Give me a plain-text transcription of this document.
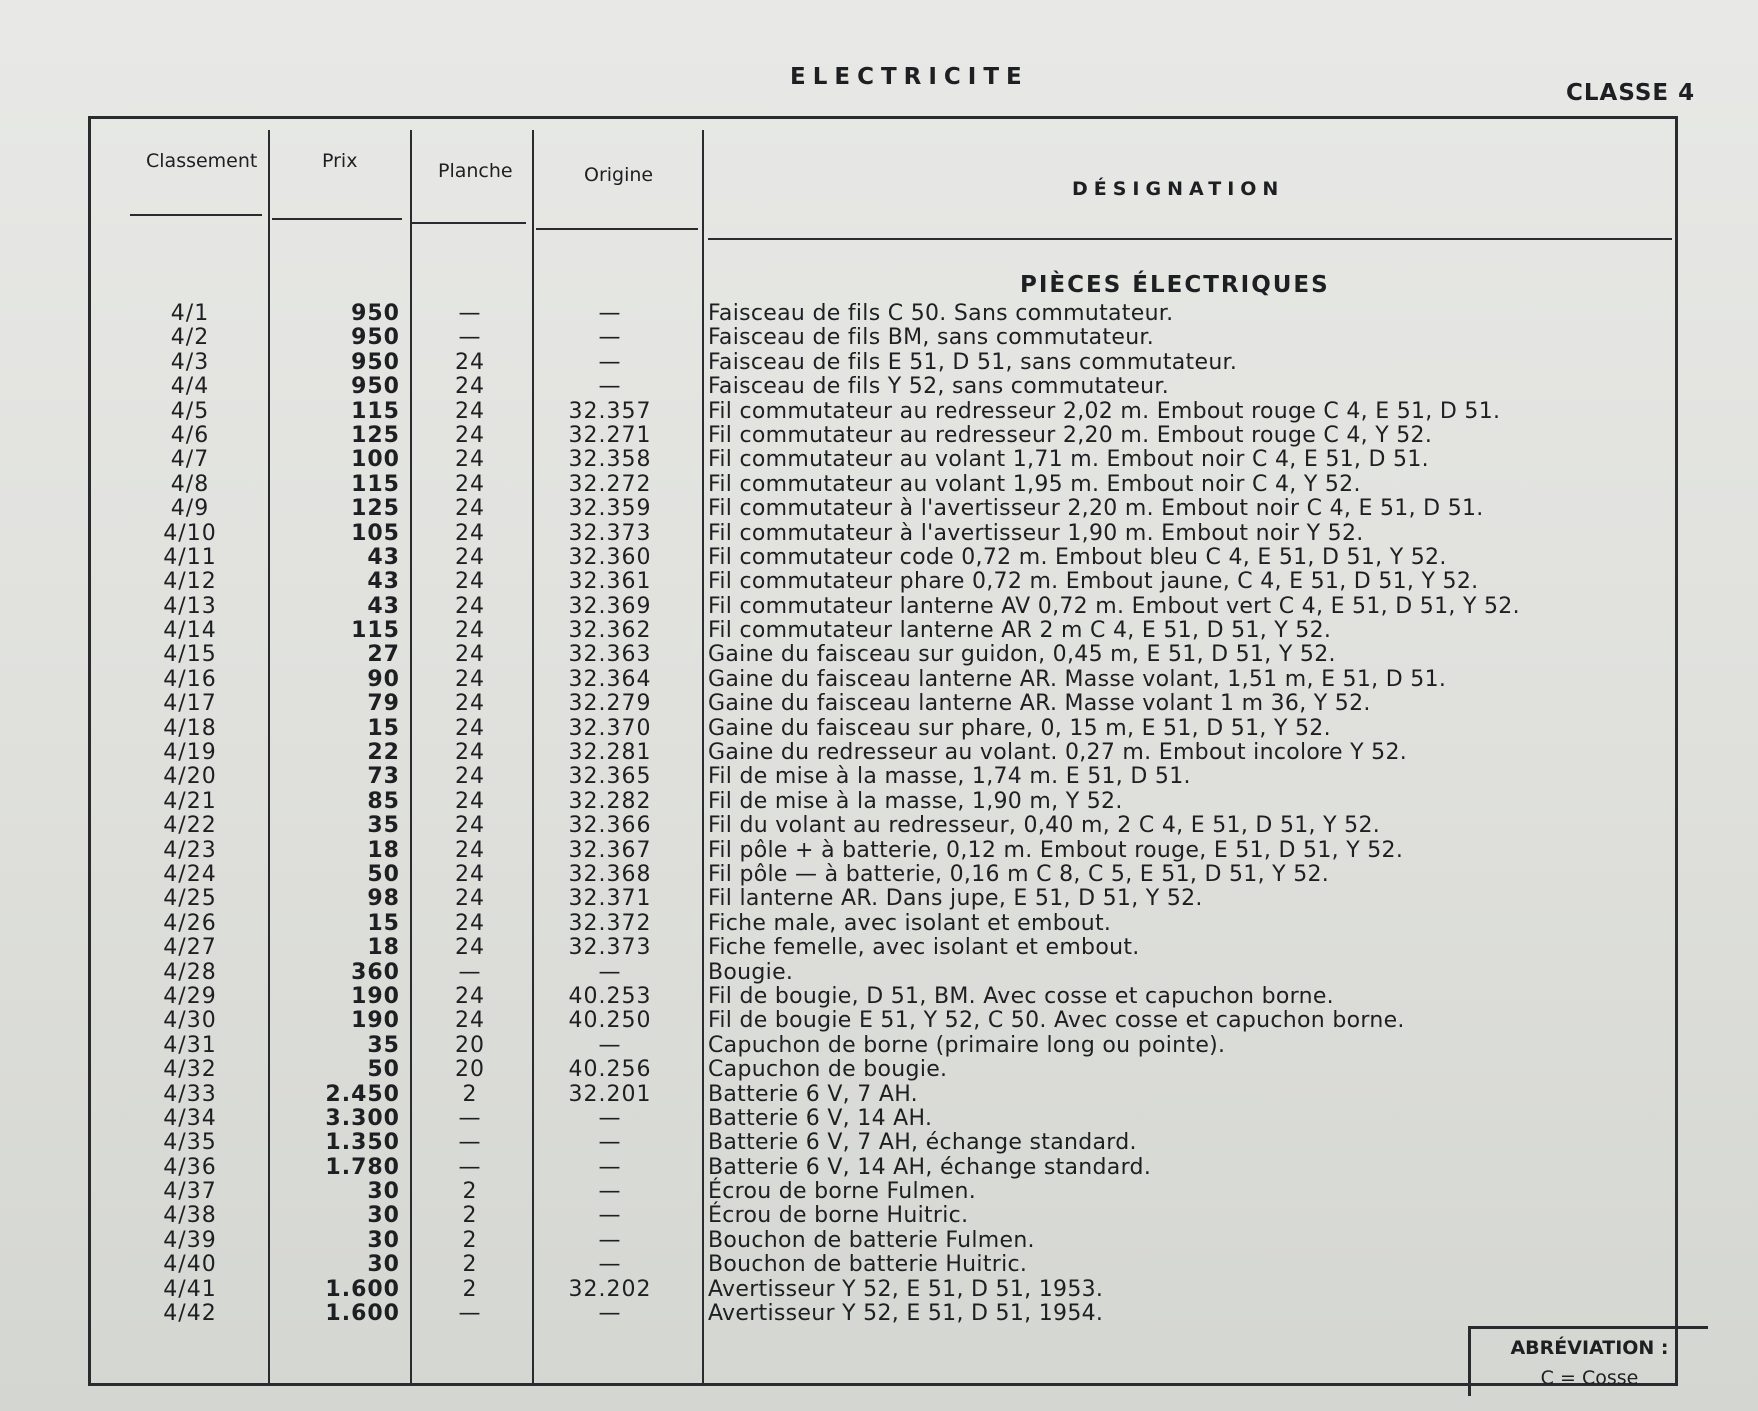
ELECTRICITE
CLASSE 4
Classement	Prix	Planche	Origine
DÉSIGNATION
PIÈCES ÉLECTRIQUES
4/1	950	—	—	Faisceau de fils C 50. Sans commutateur.
4/2	950	—	—	Faisceau de fils BM, sans commutateur.
4/3	950	24	—	Faisceau de fils E 51, D 51, sans commutateur.
4/4	950	24	—	Faisceau de fils Y 52, sans commutateur.
4/5	115	24	32.357	Fil commutateur au redresseur 2,02 m. Embout rouge C 4, E 51, D 51.
4/6	125	24	32.271	Fil commutateur au redresseur 2,20 m. Embout rouge C 4, Y 52.
4/7	100	24	32.358	Fil commutateur au volant 1,71 m. Embout noir C 4, E 51, D 51.
4/8	115	24	32.272	Fil commutateur au volant 1,95 m. Embout noir C 4, Y 52.
4/9	125	24	32.359	Fil commutateur à l'avertisseur 2,20 m. Embout noir C 4, E 51, D 51.
4/10	105	24	32.373	Fil commutateur à l'avertisseur 1,90 m. Embout noir Y 52.
4/11	43	24	32.360	Fil commutateur code 0,72 m. Embout bleu C 4, E 51, D 51, Y 52.
4/12	43	24	32.361	Fil commutateur phare 0,72 m. Embout jaune, C 4, E 51, D 51, Y 52.
4/13	43	24	32.369	Fil commutateur lanterne AV 0,72 m. Embout vert C 4, E 51, D 51, Y 52.
4/14	115	24	32.362	Fil commutateur lanterne AR 2 m C 4, E 51, D 51, Y 52.
4/15	27	24	32.363	Gaine du faisceau sur guidon, 0,45 m, E 51, D 51, Y 52.
4/16	90	24	32.364	Gaine du faisceau lanterne AR. Masse volant, 1,51 m, E 51, D 51.
4/17	79	24	32.279	Gaine du faisceau lanterne AR. Masse volant 1 m 36, Y 52.
4/18	15	24	32.370	Gaine du faisceau sur phare, 0, 15 m, E 51, D 51, Y 52.
4/19	22	24	32.281	Gaine du redresseur au volant. 0,27 m. Embout incolore Y 52.
4/20	73	24	32.365	Fil de mise à la masse, 1,74 m. E 51, D 51.
4/21	85	24	32.282	Fil de mise à la masse, 1,90 m, Y 52.
4/22	35	24	32.366	Fil du volant au redresseur, 0,40 m, 2 C 4, E 51, D 51, Y 52.
4/23	18	24	32.367	Fil pôle + à batterie, 0,12 m. Embout rouge, E 51, D 51, Y 52.
4/24	50	24	32.368	Fil pôle — à batterie, 0,16 m C 8, C 5, E 51, D 51, Y 52.
4/25	98	24	32.371	Fil lanterne AR. Dans jupe, E 51, D 51, Y 52.
4/26	15	24	32.372	Fiche male, avec isolant et embout.
4/27	18	24	32.373	Fiche femelle, avec isolant et embout.
4/28	360	—	—	Bougie.
4/29	190	24	40.253	Fil de bougie, D 51, BM. Avec cosse et capuchon borne.
4/30	190	24	40.250	Fil de bougie E 51, Y 52, C 50. Avec cosse et capuchon borne.
4/31	35	20	—	Capuchon de borne (primaire long ou pointe).
4/32	50	20	40.256	Capuchon de bougie.
4/33	2.450	2	32.201	Batterie 6 V, 7 AH.
4/34	3.300	—	—	Batterie 6 V, 14 AH.
4/35	1.350	—	—	Batterie 6 V, 7 AH, échange standard.
4/36	1.780	—	—	Batterie 6 V, 14 AH, échange standard.
4/37	30	2	—	Écrou de borne Fulmen.
4/38	30	2	—	Écrou de borne Huitric.
4/39	30	2	—	Bouchon de batterie Fulmen.
4/40	30	2	—	Bouchon de batterie Huitric.
4/41	1.600	2	32.202	Avertisseur Y 52, E 51, D 51, 1953.
4/42	1.600	—	—	Avertisseur Y 52, E 51, D 51, 1954.
ABRÉVIATION :
C = Cosse
